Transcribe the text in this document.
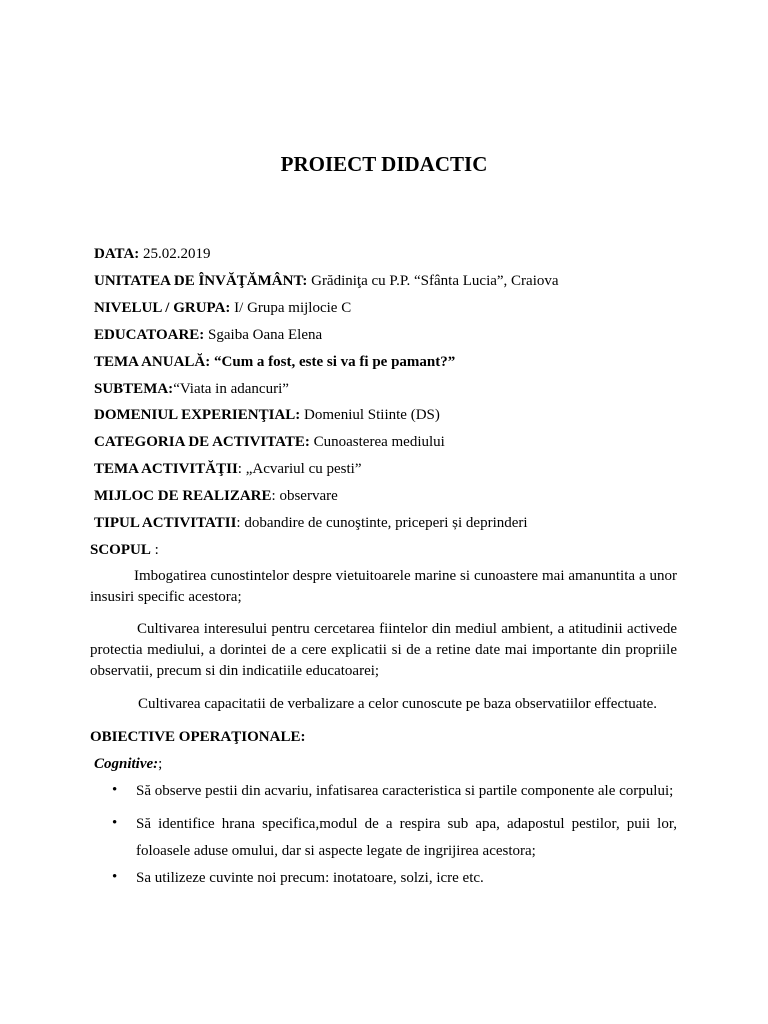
PROIECT DIDACTIC
DATA: 25.02.2019
UNITATEA DE ÎNVĂŢĂMÂNT: Grădiniţa cu P.P. “Sfânta Lucia”, Craiova
NIVELUL / GRUPA: I/ Grupa mijlocie C
EDUCATOARE: Sgaiba Oana Elena
TEMA ANUALĂ: “Cum a fost, este si va fi pe pamant?”
SUBTEMA:“Viata in adancuri”
DOMENIUL EXPERIENŢIAL: Domeniul Stiinte (DS)
CATEGORIA DE ACTIVITATE: Cunoasterea mediului
TEMA ACTIVITĂŢII: „Acvariul cu pesti”
MIJLOC DE REALIZARE: observare
TIPUL ACTIVITATII: dobandire de cunoştinte, priceperi și deprinderi
SCOPUL :
Imbogatirea cunostintelor despre vietuitoarele marine si cunoastere mai amanuntita a unor insusiri specific acestora;
Cultivarea interesului pentru cercetarea fiintelor din mediul ambient, a atitudinii activede protectia mediului, a dorintei de a cere explicatii si de a retine date mai importante din propriile observatii, precum si din indicatiile educatoarei;
Cultivarea capacitatii de verbalizare a celor cunoscute pe baza observatiilor effectuate.
OBIECTIVE OPERAŢIONALE:
Cognitive:;
•	Să observe pestii din acvariu, infatisarea caracteristica si partile componente ale corpului;
•	Să identifice hrana specifica,modul de a respira sub apa, adapostul pestilor, puii lor, foloasele aduse omului, dar si aspecte legate de ingrijirea acestora;
•	Sa utilizeze cuvinte noi precum: inotatoare, solzi, icre etc.
